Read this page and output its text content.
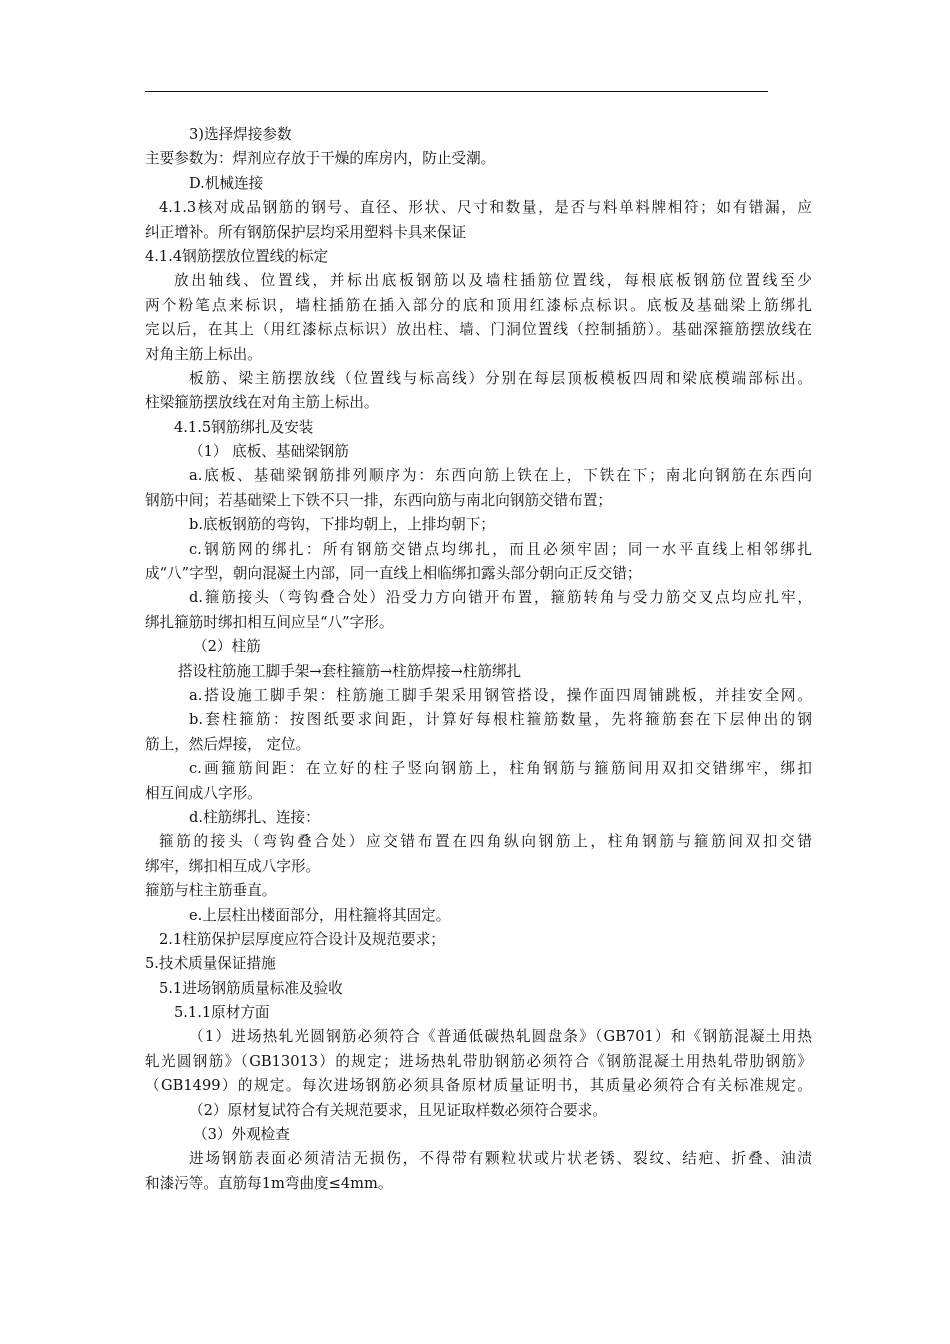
3)选择焊接参数
主要参数为：焊剂应存放于干燥的库房内，防止受潮。
D.机械连接
4.1.3核对成品钢筋的钢号、直径、形状、尺寸和数量，是否与料单料牌相符；如有错漏，应
纠正增补。所有钢筋保护层均采用塑料卡具来保证
4.1.4钢筋摆放位置线的标定
放出轴线、位置线，并标出底板钢筋以及墙柱插筋位置线，每根底板钢筋位置线至少
两个粉笔点来标识，墙柱插筋在插入部分的底和顶用红漆标点标识。底板及基础梁上筋绑扎
完以后，在其上（用红漆标点标识）放出柱、墙、门洞位置线（控制插筋）。基础深箍筋摆放线在
对角主筋上标出。
板筋、梁主筋摆放线（位置线与标高线）分别在每层顶板模板四周和梁底模端部标出。
柱梁箍筋摆放线在对角主筋上标出。
4.1.5钢筋绑扎及安装
（1） 底板、基础梁钢筋
a.底板、基础梁钢筋排列顺序为：东西向筋上铁在上，下铁在下；南北向钢筋在东西向
钢筋中间；若基础梁上下铁不只一排，东西向筋与南北向钢筋交错布置；
b.底板钢筋的弯钩，下排均朝上，上排均朝下；
c.钢筋网的绑扎：所有钢筋交错点均绑扎，而且必须牢固；同一水平直线上相邻绑扎
成“八”字型，朝向混凝土内部，同一直线上相临绑扣露头部分朝向正反交错；
d.箍筋接头（弯钩叠合处）沿受力方向错开布置，箍筋转角与受力筋交叉点均应扎牢，
绑扎箍筋时绑扣相互间应呈“八”字形。
（2）柱筋
搭设柱筋施工脚手架→套柱箍筋→柱筋焊接→柱筋绑扎
a.搭设施工脚手架：柱筋施工脚手架采用钢管搭设，操作面四周铺跳板，并挂安全网。
b.套柱箍筋：按图纸要求间距，计算好每根柱箍筋数量，先将箍筋套在下层伸出的钢
筋上，然后焊接， 定位。
c.画箍筋间距：在立好的柱子竖向钢筋上，柱角钢筋与箍筋间用双扣交错绑牢，绑扣
相互间成八字形。
d.柱筋绑扎、连接：
箍筋的接头（弯钩叠合处）应交错布置在四角纵向钢筋上，柱角钢筋与箍筋间双扣交错
绑牢，绑扣相互成八字形。
箍筋与柱主筋垂直。
e.上层柱出楼面部分，用柱箍将其固定。
2.1柱筋保护层厚度应符合设计及规范要求；
5.技术质量保证措施
5.1进场钢筋质量标准及验收
5.1.1原材方面
（1）进场热轧光圆钢筋必须符合《普通低碳热轧圆盘条》（GB701）和《钢筋混凝土用热
轧光圆钢筋》（GB13013）的规定；进场热轧带肋钢筋必须符合《钢筋混凝土用热轧带肋钢筋》
（GB1499）的规定。每次进场钢筋必须具备原材质量证明书，其质量必须符合有关标准规定。
（2）原材复试符合有关规范要求，且见证取样数必须符合要求。
（3）外观检查
进场钢筋表面必须清洁无损伤，不得带有颗粒状或片状老锈、裂纹、结疤、折叠、油渍
和漆污等。直筋每1m弯曲度≤4mm。
